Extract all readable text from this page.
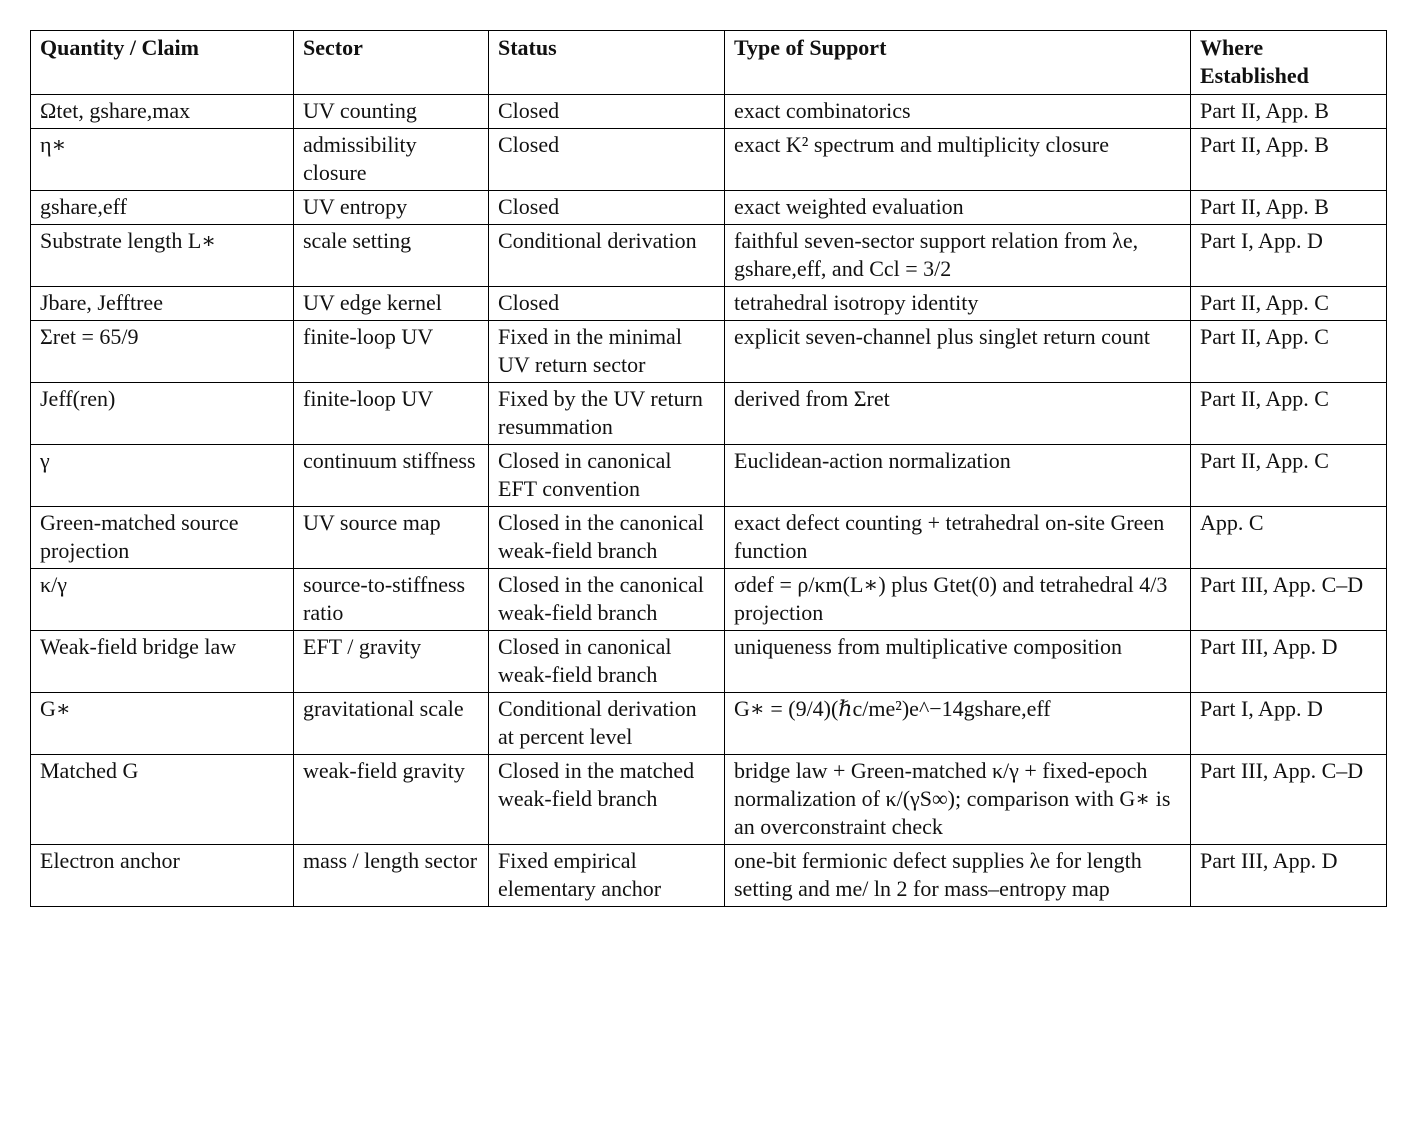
Quantity / Claim	Sector	Status	Type of Support	Where Established
Ωtet, gshare,max	UV counting	Closed	exact combinatorics	Part II, App. B
η∗	admissibility closure	Closed	exact K² spectrum and multiplicity closure	Part II, App. B
gshare,eff	UV entropy	Closed	exact weighted evaluation	Part II, App. B
Substrate length L∗	scale setting	Conditional derivation	faithful seven-sector support relation from λe, gshare,eff, and Ccl = 3/2	Part I, App. D
Jbare, Jefftree	UV edge kernel	Closed	tetrahedral isotropy identity	Part II, App. C
Σret = 65/9	finite-loop UV	Fixed in the minimal UV return sector	explicit seven-channel plus singlet return count	Part II, App. C
Jeff(ren)	finite-loop UV	Fixed by the UV return resummation	derived from Σret	Part II, App. C
γ	continuum stiffness	Closed in canonical EFT convention	Euclidean-action normalization	Part II, App. C
Green-matched source projection	UV source map	Closed in the canonical weak-field branch	exact defect counting + tetrahedral on-site Green function	App. C
κ/γ	source-to-stiffness ratio	Closed in the canonical weak-field branch	σdef = ρ/κm(L∗) plus Gtet(0) and tetrahedral 4/3 projection	Part III, App. C–D
Weak-field bridge law	EFT / gravity	Closed in canonical weak-field branch	uniqueness from multiplicative composition	Part III, App. D
G∗	gravitational scale	Conditional derivation at percent level	G∗ = (9/4)(ℏc/me²)e^−14gshare,eff	Part I, App. D
Matched G	weak-field gravity	Closed in the matched weak-field branch	bridge law + Green-matched κ/γ + fixed-epoch normalization of κ/(γS∞); comparison with G∗ is an overconstraint check	Part III, App. C–D
Electron anchor	mass / length sector	Fixed empirical elementary anchor	one-bit fermionic defect supplies λe for length setting and me/ ln 2 for mass–entropy map	Part III, App. D
